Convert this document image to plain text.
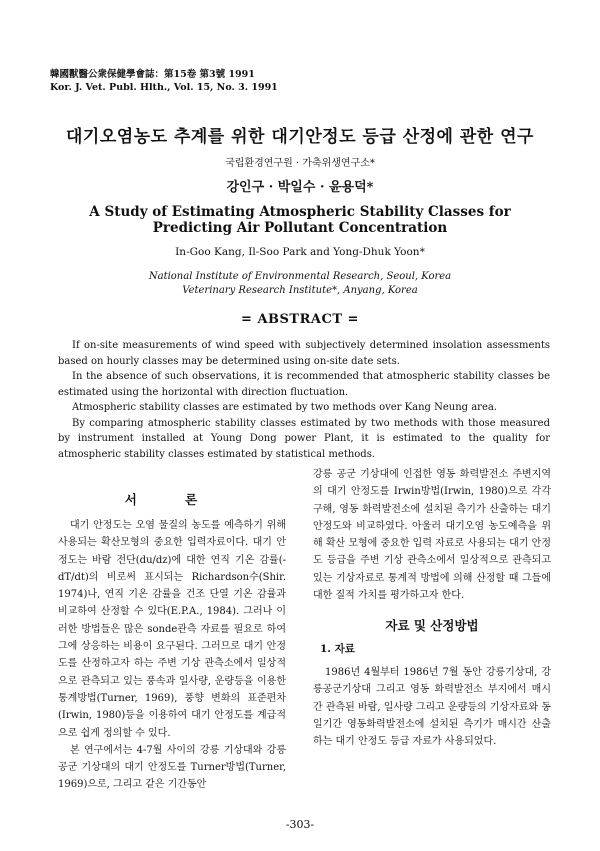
韓國獸醫公衆保健學會誌：第15卷 第3號 1991
Kor. J. Vet. Publ. Hlth., Vol. 15, No. 3. 1991
대기오염농도 추계를 위한 대기안정도 등급 산정에 관한 연구
국립환경연구원 · 가축위생연구소*
강인구 · 박일수 · 윤용덕*
A Study of Estimating Atmospheric Stability Classes for Predicting Air Pollutant Concentration
In-Goo Kang, Il-Soo Park and Yong-Dhuk Yoon*
National Institute of Environmental Research, Seoul, Korea
Veterinary Research Institute*, Anyang, Korea
= ABSTRACT =

If on-site measurements of wind speed with subjectively determined insolation assessments based on hourly classes may be determined using on-site date sets.

In the absence of such observations, it is recommended that atmospheric stability classes be estimated using the horizontal with direction fluctuation.

Atmospheric stability classes are estimated by two methods over Kang Neung area.

By comparing atmospheric stability classes estimated by two methods with those measured by instrument installed at Young Dong power Plant, it is estimated to the quality for atmospheric stability classes estimated by statistical methods.

서 론

대기 안정도는 오염 물질의 농도를 예측하기 위해 사용되는 확산모형의 중요한 입력자료이다. 대기 안정도는 바람 전단(du/dz)에 대한 연직 기온 감률(-dT/dt)의 비로써 표시되는 Richardson수(Shir. 1974)나, 연직 기온 감률을 건조 단열 기온 감률과 비교하여 산정할 수 있다(E.P.A., 1984). 그러나 이러한 방법들은 많은 sonde관측 자료를 필요로 하여 그에 상응하는 비용이 요구된다. 그러므로 대기 안정도를 산정하고자 하는 주변 기상 관측소에서 일상적으로 관측되고 있는 풍속과 일사량, 운량등을 이용한 통계방법(Turner, 1969), 풍향 변화의 표준편차(Irwin, 1980)등을 이용하여 대기 안정도를 계급적으로 쉽게 정의할 수 있다.

본 연구에서는 4-7월 사이의 강릉 기상대와 강릉 공군 기상대의 대기 안정도를 Turner방법(Turner, 1969)으로, 그리고 같은 기간동안

강릉 공군 기상대에 인접한 영동 화력발전소 주변지역의 대기 안정도를 Irwin방법(Irwin, 1980)으로 각각 구해, 영동 화력발전소에 설치된 측기가 산출하는 대기 안정도와 비교하였다. 아울러 대기오염 농도예측을 위해 확산 모형에 중요한 입력 자료로 사용되는 대기 안정도 등급을 주변 기상 관측소에서 일상적으로 관측되고 있는 기상자료로 통계적 방법에 의해 산정할 때 그들에 대한 질적 가치를 평가하고자 한다.

자료 및 산정방법
1. 자료

1986년 4월부터 1986년 7월 동안 강릉기상대, 강릉공군기상대 그리고 영동 화력발전소 부지에서 매시간 관측된 바람, 일사량 그리고 운량등의 기상자료와 동일기간 영동화력발전소에 설치된 측기가 매시간 산출하는 대기 안정도 등급 자료가 사용되었다.

-303-
